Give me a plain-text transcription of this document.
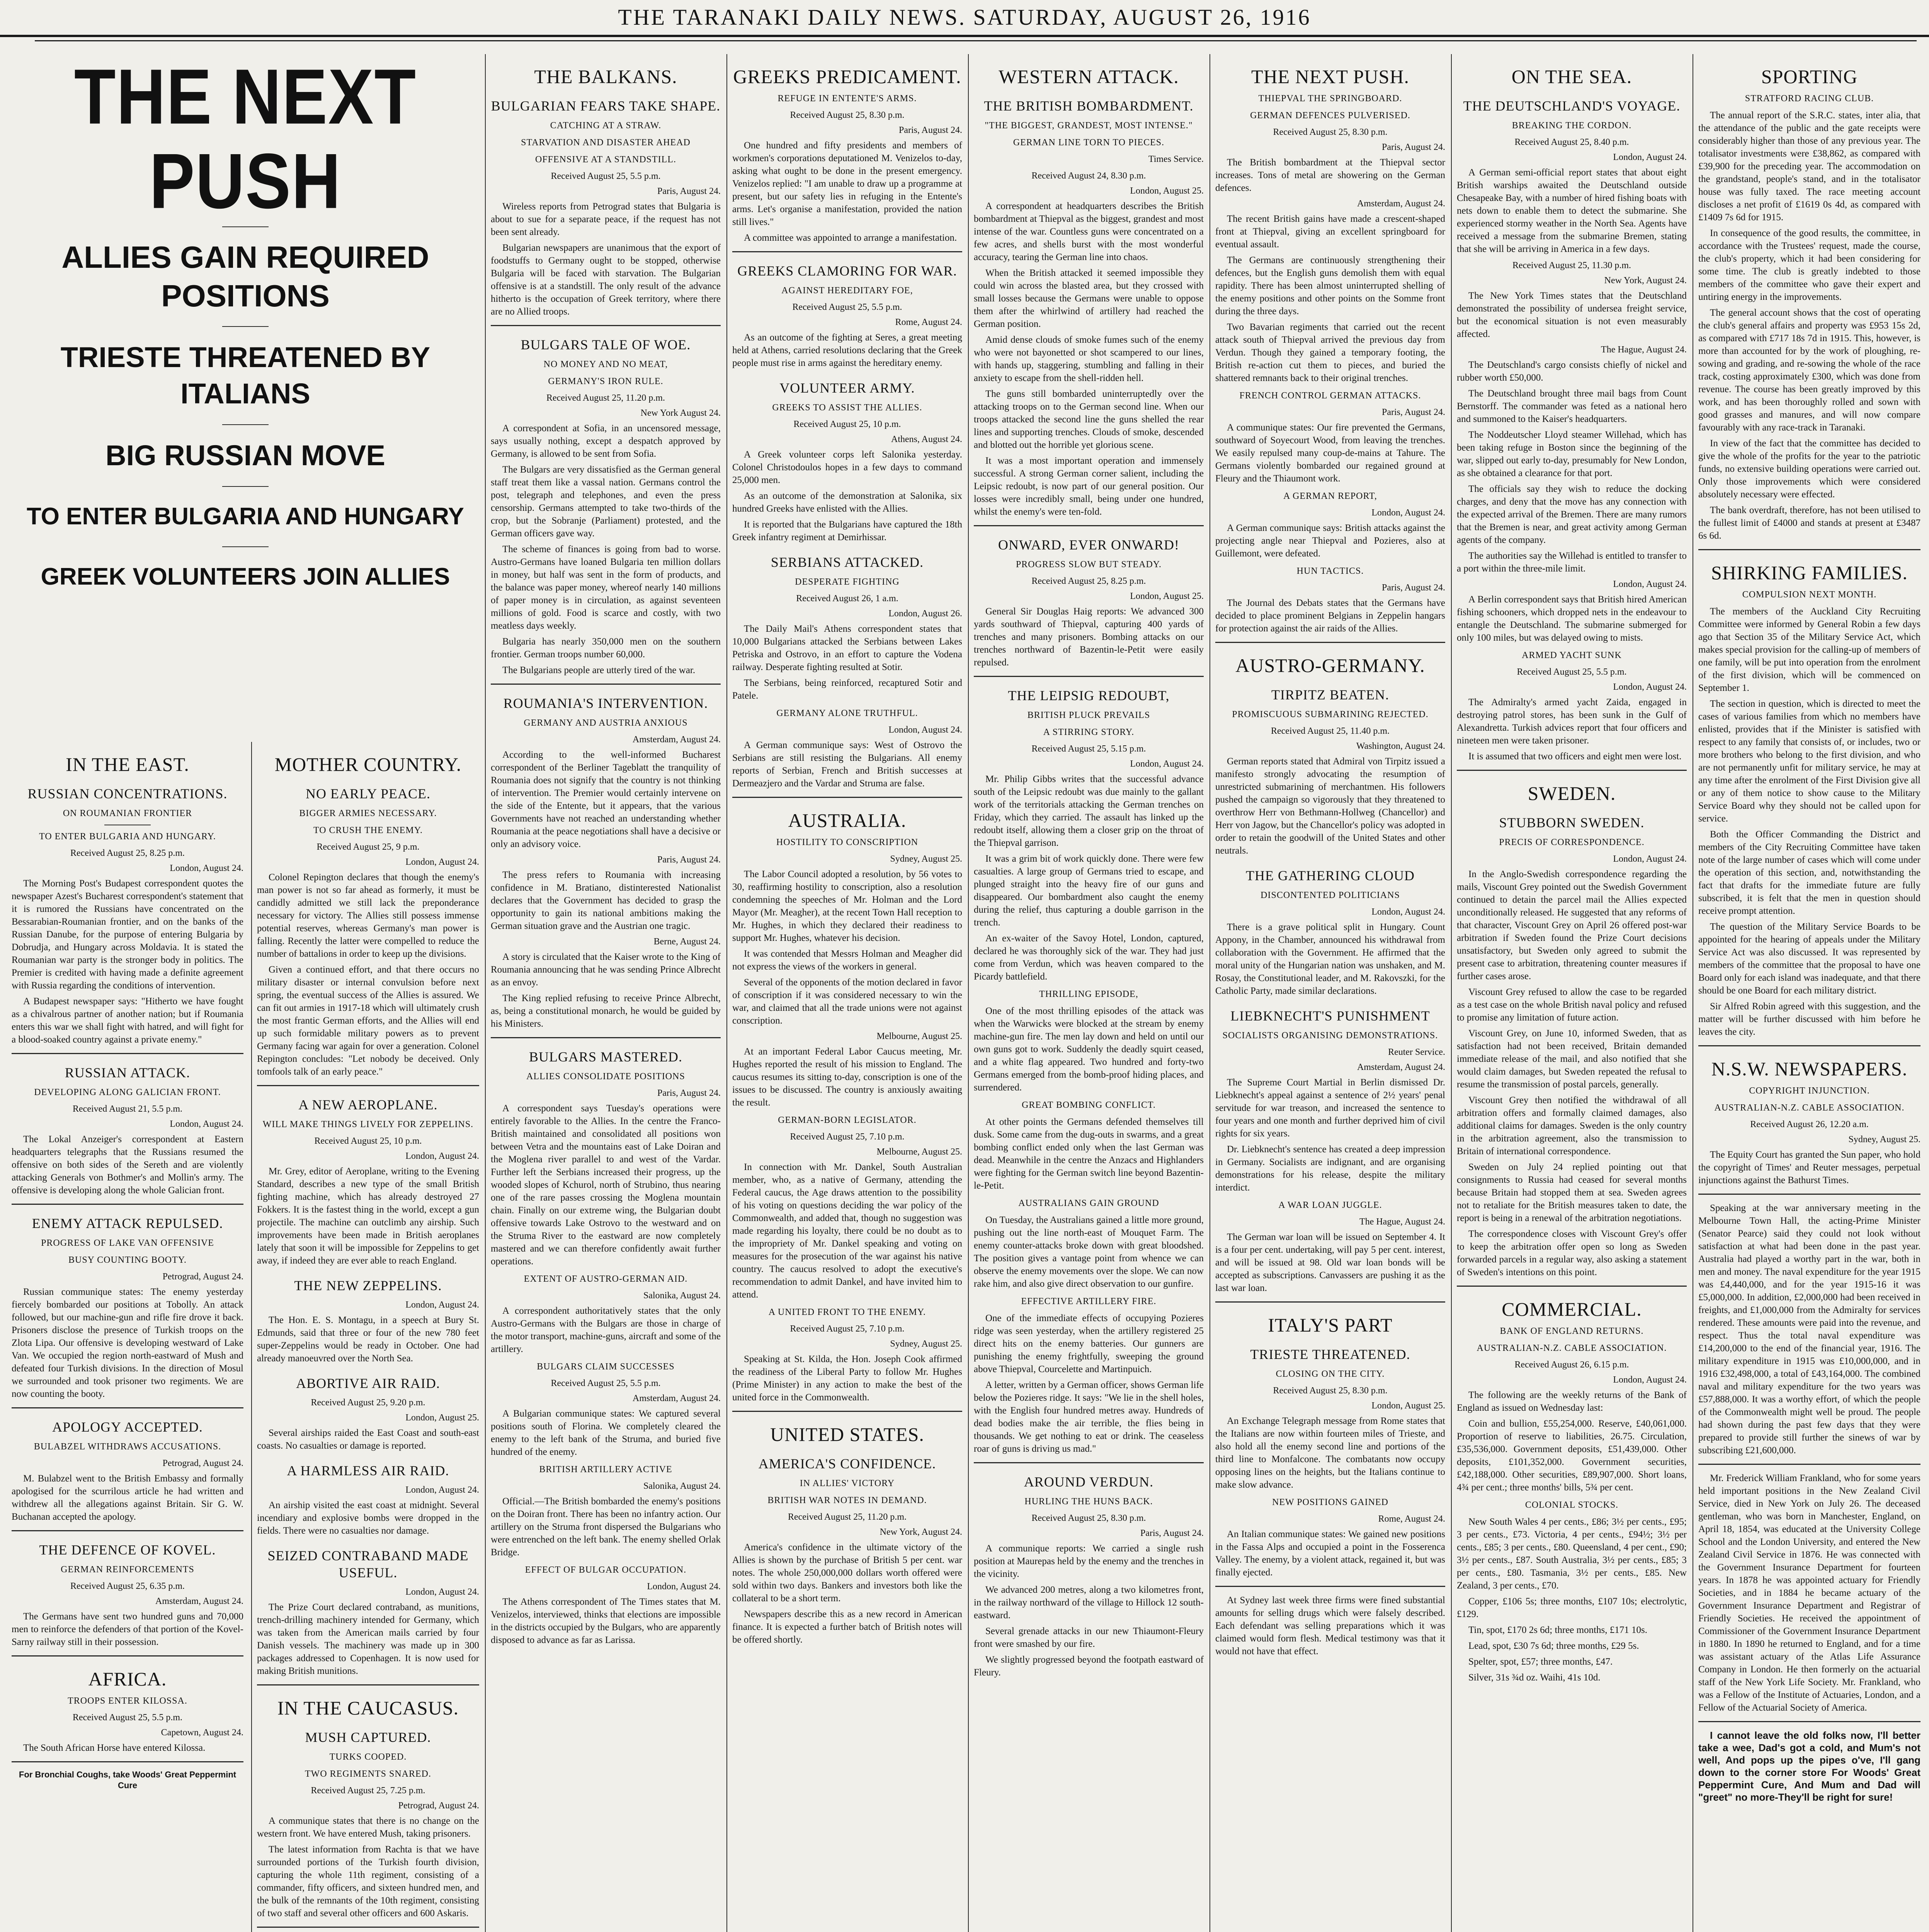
THE TARANAKI DAILY NEWS. SATURDAY, AUGUST 26, 1916
THE NEXT PUSH
ALLIES GAIN REQUIRED POSITIONS
TRIESTE THREATENED BY ITALIANS
BIG RUSSIAN MOVE
TO ENTER BULGARIA AND HUNGARY
GREEK VOLUNTEERS JOIN ALLIES
IN THE EAST.
RUSSIAN CONCENTRATIONS.
ON ROUMANIAN FRONTIER
TO ENTER BULGARIA AND HUNGARY.
Received August 25, 8.25 p.m.
London, August 24.

The Morning Post's Budapest correspondent quotes the newspaper Azest's Bucharest correspondent's statement that it is rumored the Russians have concentrated on the Bessarabian-Roumanian frontier, and on the banks of the Russian Danube, for the purpose of entering Bulgaria by Dobrudja, and Hungary across Moldavia. It is stated the Roumanian war party is the stronger body in politics. The Premier is credited with having made a definite agreement with Russia regarding the conditions of intervention.

A Budapest newspaper says: "Hitherto we have fought as a chivalrous partner of another nation; but if Roumania enters this war we shall fight with hatred, and will fight for a blood-soaked country against a private enemy."

RUSSIAN ATTACK.
DEVELOPING ALONG GALICIAN FRONT.
Received August 21, 5.5 p.m.
London, August 24.

The Lokal Anzeiger's correspondent at Eastern headquarters telegraphs that the Russians resumed the offensive on both sides of the Sereth and are violently attacking Generals von Bothmer's and Mollin's army. The offensive is developing along the whole Galician front.

ENEMY ATTACK REPULSED.
PROGRESS OF LAKE VAN OFFENSIVE
BUSY COUNTING BOOTY.
Petrograd, August 24.

Russian communique states: The enemy yesterday fiercely bombarded our positions at Tobolly. An attack followed, but our machine-gun and rifle fire drove it back. Prisoners disclose the presence of Turkish troops on the Zlota Lipa. Our offensive is developing westward of Lake Van. We occupied the region north-eastward of Mush and defeated four Turkish divisions. In the direction of Mosul we surrounded and took prisoner two regiments. We are now counting the booty.

APOLOGY ACCEPTED.
BULABZEL WITHDRAWS ACCUSATIONS.
Petrograd, August 24.

M. Bulabzel went to the British Embassy and formally apologised for the scurrilous article he had written and withdrew all the allegations against Britain. Sir G. W. Buchanan accepted the apology.

THE DEFENCE OF KOVEL.
GERMAN REINFORCEMENTS
Received August 25, 6.35 p.m.
Amsterdam, August 24.

The Germans have sent two hundred guns and 70,000 men to reinforce the defenders of that portion of the Kovel-Sarny railway still in their possession.

AFRICA.
TROOPS ENTER KILOSSA.
Received August 25, 5.5 p.m.
Capetown, August 24.

The South African Horse have entered Kilossa.

For Bronchial Coughs, take Woods' Great Peppermint Cure
MOTHER COUNTRY.
NO EARLY PEACE.
BIGGER ARMIES NECESSARY.
TO CRUSH THE ENEMY.
Received August 25, 9 p.m.
London, August 24.

Colonel Repington declares that though the enemy's man power is not so far ahead as formerly, it must be candidly admitted we still lack the preponderance necessary for victory. The Allies still possess immense potential reserves, whereas Germany's man power is falling. Recently the latter were compelled to reduce the number of battalions in order to keep up the divisions.

Given a continued effort, and that there occurs no military disaster or internal convulsion before next spring, the eventual success of the Allies is assured. We can fit out armies in 1917-18 which will ultimately crush the most frantic German efforts, and the Allies will end up such formidable military powers as to prevent Germany facing war again for over a generation. Colonel Repington concludes: "Let nobody be deceived. Only tomfools talk of an early peace."

A NEW AEROPLANE.
WILL MAKE THINGS LIVELY FOR ZEPPELINS.
Received August 25, 10 p.m.
London, August 24.

Mr. Grey, editor of Aeroplane, writing to the Evening Standard, describes a new type of the small British fighting machine, which has already destroyed 27 Fokkers. It is the fastest thing in the world, except a gun projectile. The machine can outclimb any airship. Such improvements have been made in British aeroplanes lately that soon it will be impossible for Zeppelins to get away, if indeed they are ever able to reach England.

THE NEW ZEPPELINS.
London, August 24.

The Hon. E. S. Montagu, in a speech at Bury St. Edmunds, said that three or four of the new 780 feet super-Zeppelins would be ready in October. One had already manoeuvred over the North Sea.

ABORTIVE AIR RAID.
Received August 25, 9.20 p.m.
London, August 25.

Several airships raided the East Coast and south-east coasts. No casualties or damage is reported.

A HARMLESS AIR RAID.
London, August 24.

An airship visited the east coast at midnight. Several incendiary and explosive bombs were dropped in the fields. There were no casualties nor damage.

SEIZED CONTRABAND MADE USEFUL.
London, August 24.

The Prize Court declared contraband, as munitions, trench-drilling machinery intended for Germany, which was taken from the American mails carried by four Danish vessels. The machinery was made up in 300 packages addressed to Copenhagen. It is now used for making British munitions.

IN THE CAUCASUS.
MUSH CAPTURED.
TURKS COOPED.
TWO REGIMENTS SNARED.
Received August 25, 7.25 p.m.
Petrograd, August 24.

A communique states that there is no change on the western front. We have entered Mush, taking prisoners.

The latest information from Rachta is that we have surrounded portions of the Turkish fourth division, capturing the whole 11th regiment, consisting of a commander, fifty officers, and sixteen hundred men, and the bulk of the remnants of the 10th regiment, consisting of two staff and several other officers and 600 Askaris.

THE BALKANS.
BULGARIAN FEARS TAKE SHAPE.
CATCHING AT A STRAW.
STARVATION AND DISASTER AHEAD
OFFENSIVE AT A STANDSTILL.
Received August 25, 5.5 p.m.
Paris, August 24.

Wireless reports from Petrograd states that Bulgaria is about to sue for a separate peace, if the request has not been sent already.

Bulgarian newspapers are unanimous that the export of foodstuffs to Germany ought to be stopped, otherwise Bulgaria will be faced with starvation. The Bulgarian offensive is at a standstill. The only result of the advance hitherto is the occupation of Greek territory, where there are no Allied troops.

BULGARS TALE OF WOE.
NO MONEY AND NO MEAT,
GERMANY'S IRON RULE.
Received August 25, 11.20 p.m.
New York August 24.

A correspondent at Sofia, in an uncensored message, says usually nothing, except a despatch approved by Germany, is allowed to be sent from Sofia.

The Bulgars are very dissatisfied as the German general staff treat them like a vassal nation. Germans control the post, telegraph and telephones, and even the press censorship. Germans attempted to take two-thirds of the crop, but the Sobranje (Parliament) protested, and the German officers gave way.

The scheme of finances is going from bad to worse. Austro-Germans have loaned Bulgaria ten million dollars in money, but half was sent in the form of products, and the balance was paper money, whereof nearly 140 millions of paper money is in circulation, as against seventeen millions of gold. Food is scarce and costly, with two meatless days weekly.

Bulgaria has nearly 350,000 men on the southern frontier. German troops number 60,000.

The Bulgarians people are utterly tired of the war.

ROUMANIA'S INTERVENTION.
GERMANY AND AUSTRIA ANXIOUS
Amsterdam, August 24.

According to the well-informed Bucharest correspondent of the Berliner Tageblatt the tranquility of Roumania does not signify that the country is not thinking of intervention. The Premier would certainly intervene on the side of the Entente, but it appears, that the various Governments have not reached an understanding whether Roumania at the peace negotiations shall have a decisive or only an advisory voice.

Paris, August 24.

The press refers to Roumania with increasing confidence in M. Bratiano, distinterested Nationalist declares that the Government has decided to grasp the opportunity to gain its national ambitions making the German situation grave and the Austrian one tragic.

Berne, August 24.

A story is circulated that the Kaiser wrote to the King of Roumania announcing that he was sending Prince Albrecht as an envoy.

The King replied refusing to receive Prince Albrecht, as, being a constitutional monarch, he would be guided by his Ministers.

BULGARS MASTERED.
ALLIES CONSOLIDATE POSITIONS
Paris, August 24.

A correspondent says Tuesday's operations were entirely favorable to the Allies. In the centre the Franco-British maintained and consolidated all positions won between Vetra and the mountains east of Lake Doiran and the Moglena river parallel to and west of the Vardar. Further left the Serbians increased their progress, up the wooded slopes of Kchurol, north of Strubino, thus nearing one of the rare passes crossing the Moglena mountain chain. Finally on our extreme wing, the Bulgarian doubt offensive towards Lake Ostrovo to the westward and on the Struma River to the eastward are now completely mastered and we can therefore confidently await further operations.

EXTENT OF AUSTRO-GERMAN AID.
Salonika, August 24.

A correspondent authoritatively states that the only Austro-Germans with the Bulgars are those in charge of the motor transport, machine-guns, aircraft and some of the artillery.

BULGARS CLAIM SUCCESSES
Received August 25, 5.5 p.m.
Amsterdam, August 24.

A Bulgarian communique states: We captured several positions south of Florina. We completely cleared the enemy to the left bank of the Struma, and buried five hundred of the enemy.

BRITISH ARTILLERY ACTIVE
Salonika, August 24.

Official.—The British bombarded the enemy's positions on the Doiran front. There has been no infantry action. Our artillery on the Struma front dispersed the Bulgarians who were entrenched on the left bank. The enemy shelled Orlak Bridge.

EFFECT OF BULGAR OCCUPATION.
London, August 24.

The Athens correspondent of The Times states that M. Venizelos, interviewed, thinks that elections are impossible in the districts occupied by the Bulgars, who are apparently disposed to advance as far as Larissa.

GREEKS PREDICAMENT.
REFUGE IN ENTENTE'S ARMS.
Received August 25, 8.30 p.m.
Paris, August 24.

One hundred and fifty presidents and members of workmen's corporations deputationed M. Venizelos to-day, asking what ought to be done in the present emergency. Venizelos replied: "I am unable to draw up a programme at present, but our safety lies in refuging in the Entente's arms. Let's organise a manifestation, provided the nation still lives."

A committee was appointed to arrange a manifestation.

GREEKS CLAMORING FOR WAR.
AGAINST HEREDITARY FOE,
Received August 25, 5.5 p.m.
Rome, August 24.

As an outcome of the fighting at Seres, a great meeting held at Athens, carried resolutions declaring that the Greek people must rise in arms against the hereditary enemy.

VOLUNTEER ARMY.
GREEKS TO ASSIST THE ALLIES.
Received August 25, 10 p.m.
Athens, August 24.

A Greek volunteer corps left Salonika yesterday. Colonel Christodoulos hopes in a few days to command 25,000 men.

As an outcome of the demonstration at Salonika, six hundred Greeks have enlisted with the Allies.

It is reported that the Bulgarians have captured the 18th Greek infantry regiment at Demirhissar.

SERBIANS ATTACKED.
DESPERATE FIGHTING
Received August 26, 1 a.m.
London, August 26.

The Daily Mail's Athens correspondent states that 10,000 Bulgarians attacked the Serbians between Lakes Petriska and Ostrovo, in an effort to capture the Vodena railway. Desperate fighting resulted at Sotir.

The Serbians, being reinforced, recaptured Sotir and Patele.

GERMANY ALONE TRUTHFUL.
London, August 24.

A German communique says: West of Ostrovo the Serbians are still resisting the Bulgarians. All enemy reports of Serbian, French and British successes at Dermeazjero and the Vardar and Struma are false.

AUSTRALIA.
HOSTILITY TO CONSCRIPTION
Sydney, August 25.

The Labor Council adopted a resolution, by 56 votes to 30, reaffirming hostility to conscription, also a resolution condemning the speeches of Mr. Holman and the Lord Mayor (Mr. Meagher), at the recent Town Hall reception to Mr. Hughes, in which they declared their readiness to support Mr. Hughes, whatever his decision.

It was contended that Messrs Holman and Meagher did not express the views of the workers in general.

Several of the opponents of the motion declared in favor of conscription if it was considered necessary to win the war, and claimed that all the trade unions were not against conscription.

Melbourne, August 25.

At an important Federal Labor Caucus meeting, Mr. Hughes reported the result of his mission to England. The caucus resumes its sitting to-day, conscription is one of the issues to be discussed. The country is anxiously awaiting the result.

GERMAN-BORN LEGISLATOR.
Received August 25, 7.10 p.m.
Melbourne, August 25.

In connection with Mr. Dankel, South Australian member, who, as a native of Germany, attending the Federal caucus, the Age draws attention to the possibility of his voting on questions deciding the war policy of the Commonwealth, and added that, though no suggestion was made regarding his loyalty, there could be no doubt as to the impropriety of Mr. Dankel speaking and voting on measures for the prosecution of the war against his native country. The caucus resolved to adopt the executive's recommendation to admit Dankel, and have invited him to attend.

A UNITED FRONT TO THE ENEMY.
Received August 25, 7.10 p.m.
Sydney, August 25.

Speaking at St. Kilda, the Hon. Joseph Cook affirmed the readiness of the Liberal Party to follow Mr. Hughes (Prime Minister) in any action to make the best of the united force in the Commonwealth.

UNITED STATES.
AMERICA'S CONFIDENCE.
IN ALLIES' VICTORY
BRITISH WAR NOTES IN DEMAND.
Received August 25, 11.20 p.m.
New York, August 24.

America's confidence in the ultimate victory of the Allies is shown by the purchase of British 5 per cent. war notes. The whole 250,000,000 dollars worth offered were sold within two days. Bankers and investors both like the collateral to be a short term.

Newspapers describe this as a new record in American finance. It is expected a further batch of British notes will be offered shortly.

WESTERN ATTACK.
THE BRITISH BOMBARDMENT.
"THE BIGGEST, GRANDEST, MOST INTENSE."
GERMAN LINE TORN TO PIECES.
Times Service.
Received August 24, 8.30 p.m.
London, August 25.

A correspondent at headquarters describes the British bombardment at Thiepval as the biggest, grandest and most intense of the war. Countless guns were concentrated on a few acres, and shells burst with the most wonderful accuracy, tearing the German line into chaos.

When the British attacked it seemed impossible they could win across the blasted area, but they crossed with small losses because the Germans were unable to oppose them after the whirlwind of artillery had reached the German position.

Amid dense clouds of smoke fumes such of the enemy who were not bayonetted or shot scampered to our lines, with hands up, staggering, stumbling and falling in their anxiety to escape from the shell-ridden hell.

The guns still bombarded uninterruptedly over the attacking troops on to the German second line. When our troops attacked the second line the guns shelled the rear lines and supporting trenches. Clouds of smoke, descended and blotted out the horrible yet glorious scene.

It was a most important operation and immensely successful. A strong German corner salient, including the Leipsic redoubt, is now part of our general position. Our losses were incredibly small, being under one hundred, whilst the enemy's were ten-fold.

ONWARD, EVER ONWARD!
PROGRESS SLOW BUT STEADY.
Received August 25, 8.25 p.m.
London, August 25.

General Sir Douglas Haig reports: We advanced 300 yards southward of Thiepval, capturing 400 yards of trenches and many prisoners. Bombing attacks on our trenches northward of Bazentin-le-Petit were easily repulsed.

THE LEIPSIG REDOUBT,
BRITISH PLUCK PREVAILS
A STIRRING STORY.
Received August 25, 5.15 p.m.
London, August 24.

Mr. Philip Gibbs writes that the successful advance south of the Leipsic redoubt was due mainly to the gallant work of the territorials attacking the German trenches on Friday, which they carried. The assault has linked up the redoubt itself, allowing them a closer grip on the throat of the Thiepval garrison.

It was a grim bit of work quickly done. There were few casualties. A large group of Germans tried to escape, and plunged straight into the heavy fire of our guns and disappeared. Our bombardment also caught the enemy during the relief, thus capturing a double garrison in the trench.

An ex-waiter of the Savoy Hotel, London, captured, declared he was thoroughly sick of the war. They had just come from Verdun, which was heaven compared to the Picardy battlefield.

THRILLING EPISODE,

One of the most thrilling episodes of the attack was when the Warwicks were blocked at the stream by enemy machine-gun fire. The men lay down and held on until our own guns got to work. Suddenly the deadly squirt ceased, and a white flag appeared. Two hundred and forty-two Germans emerged from the bomb-proof hiding places, and surrendered.

GREAT BOMBING CONFLICT.

At other points the Germans defended themselves till dusk. Some came from the dug-outs in swarms, and a great bombing conflict ended only when the last German was dead. Meanwhile in the centre the Anzacs and Highlanders were fighting for the German switch line beyond Bazentin-le-Petit.

AUSTRALIANS GAIN GROUND

On Tuesday, the Australians gained a little more ground, pushing out the line north-east of Mouquet Farm. The enemy counter-attacks broke down with great bloodshed. The position gives a vantage point from whence we can observe the enemy movements over the slope. We can now rake him, and also give direct observation to our gunfire.

EFFECTIVE ARTILLERY FIRE.

One of the immediate effects of occupying Pozieres ridge was seen yesterday, when the artillery registered 25 direct hits on the enemy batteries. Our gunners are punishing the enemy frightfully, sweeping the ground above Thiepval, Courcelette and Martinpuich.

A letter, written by a German officer, shows German life below the Pozieres ridge. It says: "We lie in the shell holes, with the English four hundred metres away. Hundreds of dead bodies make the air terrible, the flies being in thousands. We get nothing to eat or drink. The ceaseless roar of guns is driving us mad."

AROUND VERDUN.
HURLING THE HUNS BACK.
Received August 25, 8.30 p.m.
Paris, August 24.

A communique reports: We carried a single rush position at Maurepas held by the enemy and the trenches in the vicinity.

We advanced 200 metres, along a two kilometres front, in the railway northward of the village to Hillock 12 south-eastward.

Several grenade attacks in our new Thiaumont-Fleury front were smashed by our fire.

We slightly progressed beyond the footpath eastward of Fleury.

THE NEXT PUSH.
THIEPVAL THE SPRINGBOARD.
GERMAN DEFENCES PULVERISED.
Received August 25, 8.30 p.m.
Paris, August 24.

The British bombardment at the Thiepval sector increases. Tons of metal are showering on the German defences.

Amsterdam, August 24.

The recent British gains have made a crescent-shaped front at Thiepval, giving an excellent springboard for eventual assault.

The Germans are continuously strengthening their defences, but the English guns demolish them with equal rapidity. There has been almost uninterrupted shelling of the enemy positions and other points on the Somme front during the three days.

Two Bavarian regiments that carried out the recent attack south of Thiepval arrived the previous day from Verdun. Though they gained a temporary footing, the British re-action cut them to pieces, and buried the shattered remnants back to their original trenches.

FRENCH CONTROL GERMAN ATTACKS.
Paris, August 24.

A communique states: Our fire prevented the Germans, southward of Soyecourt Wood, from leaving the trenches. We easily repulsed many coup-de-mains at Tahure. The Germans violently bombarded our regained ground at Fleury and the Thiaumont work.

A GERMAN REPORT,
London, August 24.

A German communique says: British attacks against the projecting angle near Thiepval and Pozieres, also at Guillemont, were defeated.

HUN TACTICS.
Paris, August 24.

The Journal des Debats states that the Germans have decided to place prominent Belgians in Zeppelin hangars for protection against the air raids of the Allies.

AUSTRO-GERMANY.
TIRPITZ BEATEN.
PROMISCUOUS SUBMARINING REJECTED.
Received August 25, 11.40 p.m.
Washington, August 24.

German reports stated that Admiral von Tirpitz issued a manifesto strongly advocating the resumption of unrestricted submarining of merchantmen. His followers pushed the campaign so vigorously that they threatened to overthrow Herr von Bethmann-Hollweg (Chancellor) and Herr von Jagow, but the Chancellor's policy was adopted in order to retain the goodwill of the United States and other neutrals.

THE GATHERING CLOUD
DISCONTENTED POLITICIANS
London, August 24.

There is a grave political split in Hungary. Count Appony, in the Chamber, announced his withdrawal from collaboration with the Government. He affirmed that the moral unity of the Hungarian nation was unshaken, and M. Rosay, the Constitutional leader, and M. Rakovszki, for the Catholic Party, made similar declarations.

LIEBKNECHT'S PUNISHMENT
SOCIALISTS ORGANISING DEMONSTRATIONS.
Reuter Service.
Amsterdam, August 24.

The Supreme Court Martial in Berlin dismissed Dr. Liebknecht's appeal against a sentence of 2½ years' penal servitude for war treason, and increased the sentence to four years and one month and further deprived him of civil rights for six years.

Dr. Liebknecht's sentence has created a deep impression in Germany. Socialists are indignant, and are organising demonstrations for his release, despite the military interdict.

A WAR LOAN JUGGLE.
The Hague, August 24.

The German war loan will be issued on September 4. It is a four per cent. undertaking, will pay 5 per cent. interest, and will be issued at 98. Old war loan bonds will be accepted as subscriptions. Canvassers are pushing it as the last war loan.

ITALY'S PART
TRIESTE THREATENED.
CLOSING ON THE CITY.
Received August 25, 8.30 p.m.
London, August 25.

An Exchange Telegraph message from Rome states that the Italians are now within fourteen miles of Trieste, and also hold all the enemy second line and portions of the third line to Monfalcone. The combatants now occupy opposing lines on the heights, but the Italians continue to make slow advance.

NEW POSITIONS GAINED
Rome, August 24.

An Italian communique states: We gained new positions in the Fassa Alps and occupied a point in the Fosserenca Valley. The enemy, by a violent attack, regained it, but was finally ejected.

At Sydney last week three firms were fined substantial amounts for selling drugs which were falsely described. Each defendant was selling preparations which it was claimed would form flesh. Medical testimony was that it would not have that effect.

ON THE SEA.
THE DEUTSCHLAND'S VOYAGE.
BREAKING THE CORDON.
Received August 25, 8.40 p.m.
London, August 24.

A German semi-official report states that about eight British warships awaited the Deutschland outside Chesapeake Bay, with a number of hired fishing boats with nets down to enable them to detect the submarine. She experienced stormy weather in the North Sea. Agents have received a message from the submarine Bremen, stating that she will be arriving in America in a few days.

Received August 25, 11.30 p.m.
New York, August 24.

The New York Times states that the Deutschland demonstrated the possibility of undersea freight service, but the economical situation is not even measurably affected.

The Hague, August 24.

The Deutschland's cargo consists chiefly of nickel and rubber worth £50,000.

The Deutschland brought three mail bags from Count Bernstorff. The commander was feted as a national hero and summoned to the Kaiser's headquarters.

The Noddeutscher Lloyd steamer Willehad, which has been taking refuge in Boston since the beginning of the war, slipped out early to-day, presumably for New London, as she obtained a clearance for that port.

The officials say they wish to reduce the docking charges, and deny that the move has any connection with the expected arrival of the Bremen. There are many rumors that the Bremen is near, and great activity among German agents of the company.

The authorities say the Willehad is entitled to transfer to a port within the three-mile limit.

London, August 24.

A Berlin correspondent says that British hired American fishing schooners, which dropped nets in the endeavour to entangle the Deutschland. The submarine submerged for only 100 miles, but was delayed owing to mists.

ARMED YACHT SUNK
Received August 25, 5.5 p.m.
London, August 24.

The Admiralty's armed yacht Zaida, engaged in destroying patrol stores, has been sunk in the Gulf of Alexandretta. Turkish advices report that four officers and nineteen men were taken prisoner.

It is assumed that two officers and eight men were lost.

SWEDEN.
STUBBORN SWEDEN.
PRECIS OF CORRESPONDENCE.
London, August 24.

In the Anglo-Swedish correspondence regarding the mails, Viscount Grey pointed out the Swedish Government continued to detain the parcel mail the Allies expected unconditionally released. He suggested that any reforms of that character, Viscount Grey on April 26 offered post-war arbitration if Sweden found the Prize Court decisions unsatisfactory, but Sweden only agreed to submit the present case to arbitration, threatening counter measures if further cases arose.

Viscount Grey refused to allow the case to be regarded as a test case on the whole British naval policy and refused to promise any limitation of future action.

Viscount Grey, on June 10, informed Sweden, that as satisfaction had not been received, Britain demanded immediate release of the mail, and also notified that she would claim damages, but Sweden repeated the refusal to resume the transmission of postal parcels, generally.

Viscount Grey then notified the withdrawal of all arbitration offers and formally claimed damages, also additional claims for damages. Sweden is the only country in the arbitration agreement, also the transmission to Britain of international correspondence.

Sweden on July 24 replied pointing out that consignments to Russia had ceased for several months because Britain had stopped them at sea. Sweden agrees not to retaliate for the British measures taken to date, the report is being in a renewal of the arbitration negotiations.

The correspondence closes with Viscount Grey's offer to keep the arbitration offer open so long as Sweden forwarded parcels in a regular way, also asking a statement of Sweden's intentions on this point.

COMMERCIAL.
BANK OF ENGLAND RETURNS.
AUSTRALIAN-N.Z. CABLE ASSOCIATION.
Received August 26, 6.15 p.m.
London, August 24.

The following are the weekly returns of the Bank of England as issued on Wednesday last:

Coin and bullion, £55,254,000. Reserve, £40,061,000. Proportion of reserve to liabilities, 26.75. Circulation, £35,536,000. Government deposits, £51,439,000. Other deposits, £101,352,000. Government securities, £42,188,000. Other securities, £89,907,000. Short loans, 4¾ per cent.; three months' bills, 5¾ per cent.

COLONIAL STOCKS.

New South Wales 4 per cents., £86; 3½ per cents., £95; 3 per cents., £73. Victoria, 4 per cents., £94½; 3½ per cents., £85; 3 per cents., £80. Queensland, 4 per cent., £90; 3½ per cents., £87. South Australia, 3½ per cents., £85; 3 per cents., £80. Tasmania, 3½ per cents., £85. New Zealand, 3 per cents., £70.

Copper, £106 5s; three months, £107 10s; electrolytic, £129.

Tin, spot, £170 2s 6d; three months, £171 10s.

Lead, spot, £30 7s 6d; three months, £29 5s.

Spelter, spot, £57; three months, £47.

Silver, 31s ¾d oz. Waihi, 41s 10d.

SPORTING
STRATFORD RACING CLUB.

The annual report of the S.R.C. states, inter alia, that the attendance of the public and the gate receipts were considerably higher than those of any previous year. The totalisator investments were £38,862, as compared with £39,900 for the preceding year. The accommodation on the grandstand, people's stand, and in the totalisator house was fully taxed. The race meeting account discloses a net profit of £1619 0s 4d, as compared with £1409 7s 6d for 1915.

In consequence of the good results, the committee, in accordance with the Trustees' request, made the course, the club's property, which it had been considering for some time. The club is greatly indebted to those members of the committee who gave their expert and untiring energy in the improvements.

The general account shows that the cost of operating the club's general affairs and property was £953 15s 2d, as compared with £717 18s 7d in 1915. This, however, is more than accounted for by the work of ploughing, re-sowing and grading, and re-sowing the whole of the race track, costing approximately £300, which was done from revenue. The course has been greatly improved by this work, and has been thoroughly rolled and sown with good grasses and manures, and will now compare favourably with any race-track in Taranaki.

In view of the fact that the committee has decided to give the whole of the profits for the year to the patriotic funds, no extensive building operations were carried out. Only those improvements which were considered absolutely necessary were effected.

The bank overdraft, therefore, has not been utilised to the fullest limit of £4000 and stands at present at £3487 6s 6d.

SHIRKING FAMILIES.
COMPULSION NEXT MONTH.

The members of the Auckland City Recruiting Committee were informed by General Robin a few days ago that Section 35 of the Military Service Act, which makes special provision for the calling-up of members of one family, will be put into operation from the enrolment of the first division, which will be commenced on September 1.

The section in question, which is directed to meet the cases of various families from which no members have enlisted, provides that if the Minister is satisfied with respect to any family that consists of, or includes, two or more brothers who belong to the first division, and who are not permanently unfit for military service, he may at any time after the enrolment of the First Division give all or any of them notice to show cause to the Military Service Board why they should not be called upon for service.

Both the Officer Commanding the District and members of the City Recruiting Committee have taken note of the large number of cases which will come under the operation of this section, and, notwithstanding the fact that drafts for the immediate future are fully subscribed, it is felt that the men in question should receive prompt attention.

The question of the Military Service Boards to be appointed for the hearing of appeals under the Military Service Act was also discussed. It was represented by members of the committee that the proposal to have one Board only for each island was inadequate, and that there should be one Board for each military district.

Sir Alfred Robin agreed with this suggestion, and the matter will be further discussed with him before he leaves the city.

N.S.W. NEWSPAPERS.
COPYRIGHT INJUNCTION.
AUSTRALIAN-N.Z. CABLE ASSOCIATION.
Received August 26, 12.20 a.m.
Sydney, August 25.

The Equity Court has granted the Sun paper, who hold the copyright of Times' and Reuter messages, perpetual injunctions against the Bathurst Times.

Speaking at the war anniversary meeting in the Melbourne Town Hall, the acting-Prime Minister (Senator Pearce) said they could not look without satisfaction at what had been done in the past year. Australia had played a worthy part in the war, both in men and money. The naval expenditure for the year 1915 was £4,440,000, and for the year 1915-16 it was £5,000,000. In addition, £2,000,000 had been received in freights, and £1,000,000 from the Admiralty for services rendered. These amounts were paid into the revenue, and respect. Thus the total naval expenditure was £14,200,000 to the end of the financial year, 1916. The military expenditure in 1915 was £10,000,000, and in 1916 £32,498,000, a total of £43,164,000. The combined naval and military expenditure for the two years was £57,888,000. It was a worthy effort, of which the people of the Commonwealth might well be proud. The people had shown during the past few days that they were prepared to provide still further the sinews of war by subscribing £21,600,000.

Mr. Frederick William Frankland, who for some years held important positions in the New Zealand Civil Service, died in New York on July 26. The deceased gentleman, who was born in Manchester, England, on April 18, 1854, was educated at the University College School and the London University, and entered the New Zealand Civil Service in 1876. He was connected with the Government Insurance Department for fourteen years. In 1878 he was appointed actuary for Friendly Societies, and in 1884 he became actuary of the Government Insurance Department and Registrar of Friendly Societies. He received the appointment of Commissioner of the Government Insurance Department in 1880. In 1890 he returned to England, and for a time was assistant actuary of the Atlas Life Assurance Company in London. He then formerly on the actuarial staff of the New York Life Society. Mr. Frankland, who was a Fellow of the Institute of Actuaries, London, and a Fellow of the Actuarial Society of America.

I cannot leave the old folks now, I'll better take a wee, Dad's got a cold, and Mum's not well, And pops up the pipes o've, I'll gang down to the corner store For Woods' Great Peppermint Cure, And Mum and Dad will "greet" no more-They'll be right for sure!
